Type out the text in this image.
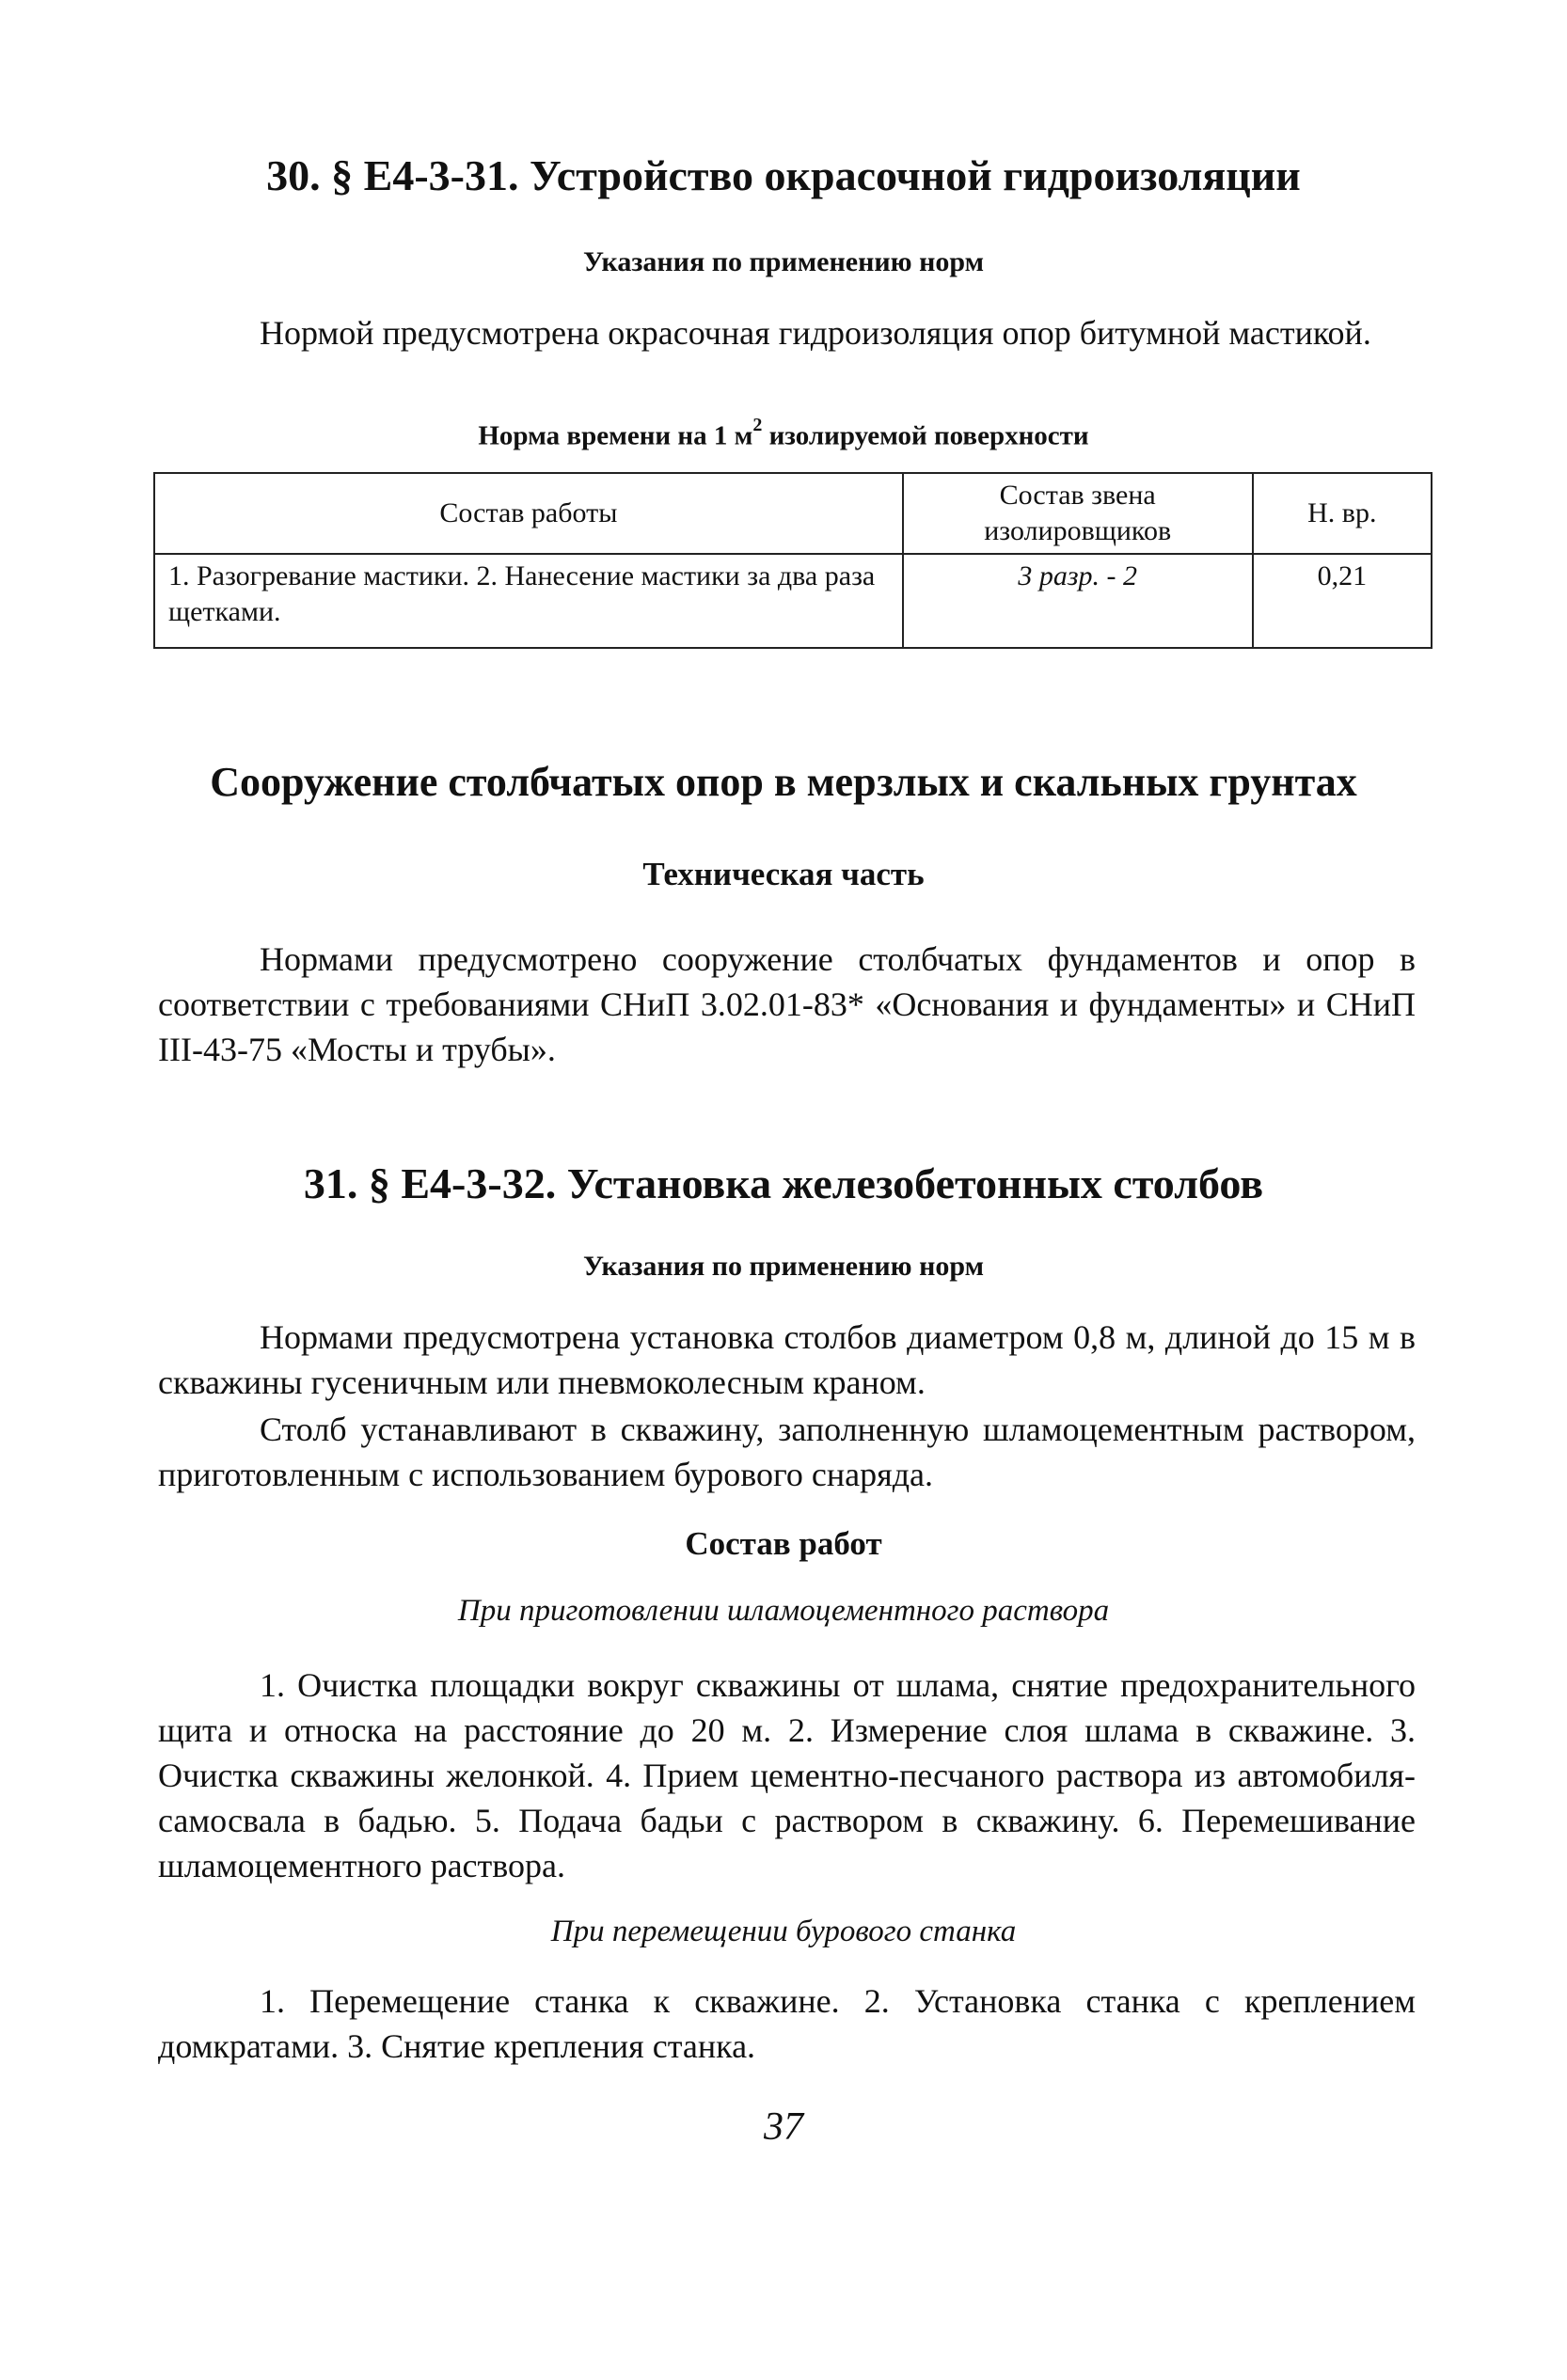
30. § Е4-3-31. Устройство окрасочной гидроизоляции
Указания по применению норм
Нормой предусмотрена окрасочная гидроизоляция опор битумной мастикой.
Норма времени на 1 $м^2$ изолируемой поверхности
Состав работы	Состав звена изолировщиков	Н. вр.
1. Разогревание мастики. 2. Нанесение мастики за два раза щетками.	3 разр. - 2	0,21
Сооружение столбчатых опор в мерзлых и скальных грунтах
Техническая часть
Нормами предусмотрено сооружение столбчатых фундаментов и опор в соответствии с требованиями СНиП 3.02.01-83* «Основания и фундаменты» и СНиП III-43-75 «Мосты и трубы».
31. § Е4-3-32. Установка железобетонных столбов
Указания по применению норм
Нормами предусмотрена установка столбов диаметром 0,8 м, длиной до 15 м в скважины гусеничным или пневмоколесным краном.
Столб устанавливают в скважину, заполненную шламоцементным раствором, приготовленным с использованием бурового снаряда.
Состав работ
При приготовлении шламоцементного раствора
1. Очистка площадки вокруг скважины от шлама, снятие предохранительного щита и относка на расстояние до 20 м. 2. Измерение слоя шлама в скважине. 3. Очистка скважины желонкой. 4. Прием цементно-песчаного раствора из автомобиля-самосвала в бадью. 5. Подача бадьи с раствором в скважину. 6. Перемешивание шламоцементного раствора.
При перемещении бурового станка
1. Перемещение станка к скважине. 2. Установка станка с креплением домкратами. 3. Снятие крепления станка.
37
